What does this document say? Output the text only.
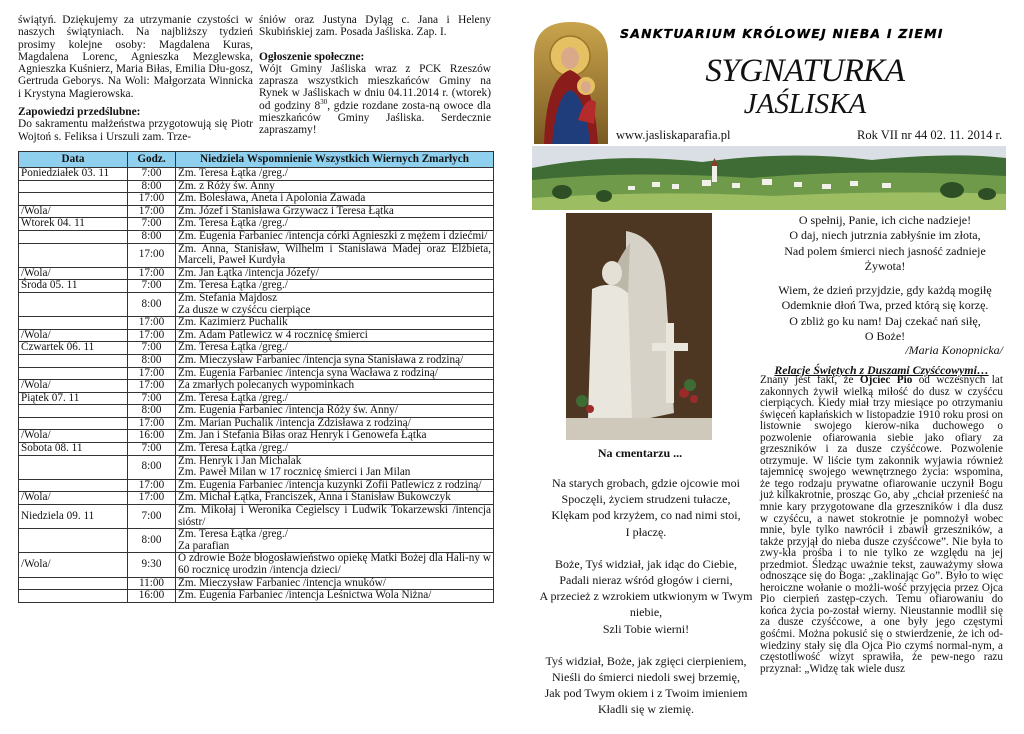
świątyń. Dziękujemy za utrzymanie czystości w naszych świątyniach. Na najbliższy tydzień prosimy kolejne osoby: Magdalena Kuras, Magdalena Lorenc, Agnieszka Mezglewska, Agnieszka Kuśnierz, Maria Biłas, Emilia Dłu-gosz, Gertruda Geborys. Na Woli: Małgorzata Winnicka i Krystyna Magierowska.

Zapowiedzi przedślubne:

Do sakramentu małżeństwa przygotowują się Piotr Wojtoń s. Feliksa i Urszuli zam. Trze-

śniów oraz Justyna Dyląg c. Jana i Heleny Skubińskiej zam. Posada Jaśliska. Zap. I.

Ogłoszenie społeczne:

Wójt Gminy Jaśliska wraz z PCK Rzeszów zaprasza wszystkich mieszkańców Gminy na Rynek w Jaśliskach w dniu 04.11.2014 r. (wtorek) od godziny $8^{30}$, gdzie rozdane zosta-ną owoce dla mieszkańców Gminy Jaśliska. Serdecznie zapraszamy!

Data	Godz.	Niedziela Wspomnienie Wszystkich Wiernych Zmarłych
Poniedziałek 03. 11	7:00	Zm. Teresa Łątka /greg./
	8:00	Zm. z Róży św. Anny
	17:00	Zm. Bolesława, Aneta i Apolonia Zawada
/Wola/	17:00	Zm. Józef i Stanisława Grzywacz i Teresa Łątka
Wtorek 04. 11	7:00	Zm. Teresa Łątka /greg./
	8:00	Zm. Eugenia Farbaniec /intencja córki Agnieszki z mężem i dziećmi/
	17:00	Zm. Anna, Stanisław, Wilhelm i Stanisława Madej oraz Elżbieta, Marceli, Paweł Kurdyła
/Wola/	17:00	Zm. Jan Łątka /intencja Józefy/
Środa 05. 11	7:00	Zm. Teresa Łątka /greg./
	8:00	Zm. Stefania Majdosz
Za dusze w czyśćcu cierpiące
	17:00	Zm. Kazimierz Puchalik
/Wola/	17:00	Zm. Adam Patlewicz w 4 rocznicę śmierci
Czwartek 06. 11	7:00	Zm. Teresa Łątka /greg./
	8:00	Zm. Mieczysław Farbaniec /intencja syna Stanisława z rodziną/
	17:00	Zm. Eugenia Farbaniec /intencja syna Wacława z rodziną/
/Wola/	17:00	Za zmarłych polecanych wypominkach
Piątek 07. 11	7:00	Zm. Teresa Łątka /greg./
	8:00	Zm. Eugenia Farbaniec /intencja Róży św. Anny/
	17:00	Zm. Marian Puchalik /intencja Zdzisława z rodziną/
/Wola/	16:00	Zm. Jan i Stefania Biłas oraz Henryk i Genowefa Łątka
Sobota 08. 11	7:00	Zm. Teresa Łątka /greg./
	8:00	Zm. Henryk i Jan Michalak
Zm. Paweł Milan w 17 rocznicę śmierci i Jan Milan
	17:00	Zm. Eugenia Farbaniec /intencja kuzynki Zofii Patlewicz z rodziną/
/Wola/	17:00	Zm. Michał Łątka, Franciszek, Anna i Stanisław Bukowczyk
Niedziela 09. 11	7:00	Zm. Mikołaj i Weronika Cegielscy i Ludwik Tokarzewski /intencja sióstr/
	8:00	Zm. Teresa Łątka /greg./
Za parafian
/Wola/	9:30	O zdrowie Boże błogosławieństwo opiekę Matki Bożej dla Hali-ny w 60 rocznicę urodzin /intencja dzieci/
	11:00	Zm. Mieczysław Farbaniec /intencja wnuków/
	16:00	Zm. Eugenia Farbaniec /intencja Leśnictwa Wola Niżna/
SANKTUARIUM KRÓLOWEJ NIEBA I ZIEMI
SYGNATURKA
JAŚLISKA
www.jasliskaparafia.pl	Rok VII nr 44 02. 11. 2014 r.
O spełnij, Panie, ich ciche nadzieje!
O daj, niech jutrznia zabłyśnie im złota,
Nad polem śmierci niech jasność zadnieje
Żywota!
Wiem, że dzień przyjdzie, gdy każdą mogiłę
Odemknie dłoń Twa, przed którą się korzę.
O zbliż go ku nam! Daj czekać nań siłę,
O Boże!
/Maria Konopnicka/
Relacje Świętych z Duszami Czyśćcowymi…
Znany jest fakt, że Ojciec Pio od wczesnych lat zakonnych żywił wielką miłość do dusz w czyśćcu cierpiących. Kiedy miał trzy miesiące po otrzymaniu święceń kapłańskich w listopadzie 1910 roku prosi on listownie swojego kierow-nika duchowego o pozwolenie ofiarowania siebie jako ofiary za grzeszników i za dusze czyśćcowe. Pozwolenie otrzymuje. W liście tym zakonnik wyjawia również tajemnicę swojego wewnętrznego życia: wspomina, że tego rodzaju prywatne ofiarowanie uczynił Bogu już kilkakrotnie, prosząc Go, aby „chciał przenieść na mnie kary przygotowane dla grzeszników i dla dusz w czyśćcu, a nawet stokrotnie je pomnożył wobec mnie, byle tylko nawrócił i zbawił grzeszników, a także przyjął do nieba dusze czyśćcowe”. Nie była to zwy-kła prośba i to nie tylko ze względu na jej przedmiot. Śledząc uważnie tekst, zauważymy słowa odnoszące się do Boga: „zaklinając Go”. Było to więc heroiczne wołanie o możli-wość przyjęcia przez Ojca Pio cierpień zastęp-czych. Temu ofiarowaniu do końca życia po-został wierny. Nieustannie modlił się za dusze czyśćcowe, a one były jego częstymi gośćmi. Można pokusić się o stwierdzenie, że ich od-wiedziny stały się dla Ojca Pio czymś normal-nym, a częstotliwość wizyt sprawiła, że pew-nego razu przyznał: „Widzę tak wiele dusz
Na cmentarzu ...

Na starych grobach, gdzie ojcowie moi
Spoczęli, życiem strudzeni tułacze,
Klękam pod krzyżem, co nad nimi stoi,
I płaczę.

Boże, Tyś widział, jak idąc do Ciebie,
Padali nieraz wśród głogów i cierni,
A przecież z wzrokiem utkwionym w Twym niebie,
Szli Tobie wierni!

Tyś widział, Boże, jak zgięci cierpieniem,
Nieśli do śmierci niedoli swej brzemię,
Jak pod Twym okiem i z Twoim imieniem
Kładli się w ziemię.
